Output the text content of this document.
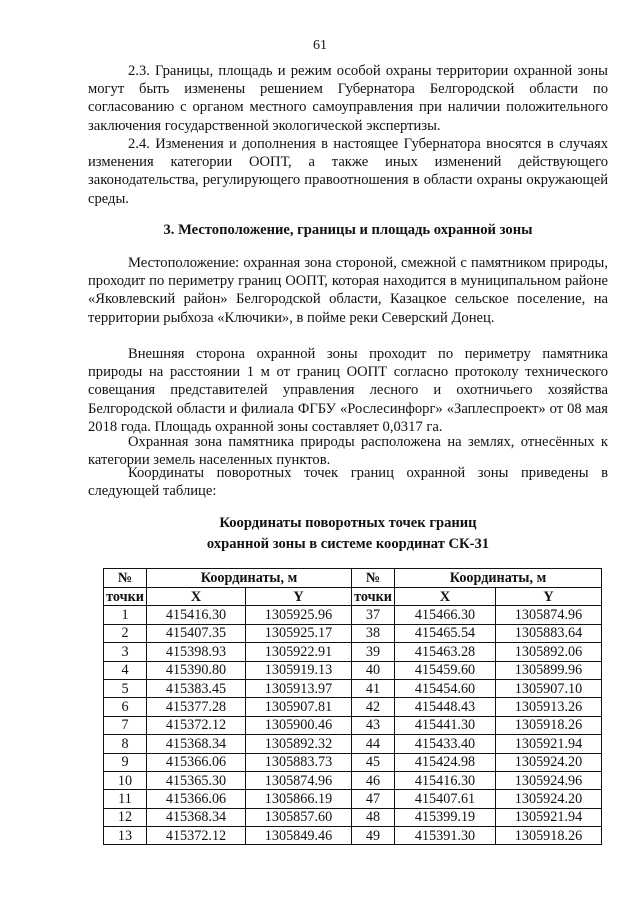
61

2.3. Границы, площадь и режим особой охраны территории охранной зоны могут быть изменены решением Губернатора Белгородской области по согласованию с органом местного самоуправления при наличии положительного заключения государственной экологической экспертизы.

2.4. Изменения и дополнения в настоящее Губернатора вносятся в случаях изменения категории ООПТ, а также иных изменений действующего законодательства, регулирующего правоотношения в области охраны окружающей среды.

3. Местоположение, границы и площадь охранной зоны

Местоположение: охранная зона стороной, смежной с памятником природы, проходит по периметру границ ООПТ, которая находится в муниципальном районе «Яковлевский район» Белгородской области, Казацкое сельское поселение, на территории рыбхоза «Ключики», в пойме реки Северский Донец.

Внешняя сторона охранной зоны проходит по периметру памятника природы на расстоянии 1 м от границ ООПТ согласно протоколу технического совещания представителей управления лесного и охотничьего хозяйства Белгородской области и филиала ФГБУ «Рослесинфорг» «Заплеспроект» от 08 мая 2018 года. Площадь охранной зоны составляет 0,0317 га.

Охранная зона памятника природы расположена на землях, отнесённых к категории земель населенных пунктов.

Координаты поворотных точек границ охранной зоны приведены в следующей таблице:

Координаты поворотных точек границ
охранной зоны в системе координат СК-31
№	Координаты, м		№	Координаты, м	
точки	X	Y	точки	X	Y
1	415416.30	1305925.96	37	415466.30	1305874.96
2	415407.35	1305925.17	38	415465.54	1305883.64
3	415398.93	1305922.91	39	415463.28	1305892.06
4	415390.80	1305919.13	40	415459.60	1305899.96
5	415383.45	1305913.97	41	415454.60	1305907.10
6	415377.28	1305907.81	42	415448.43	1305913.26
7	415372.12	1305900.46	43	415441.30	1305918.26
8	415368.34	1305892.32	44	415433.40	1305921.94
9	415366.06	1305883.73	45	415424.98	1305924.20
10	415365.30	1305874.96	46	415416.30	1305924.96
11	415366.06	1305866.19	47	415407.61	1305924.20
12	415368.34	1305857.60	48	415399.19	1305921.94
13	415372.12	1305849.46	49	415391.30	1305918.26
